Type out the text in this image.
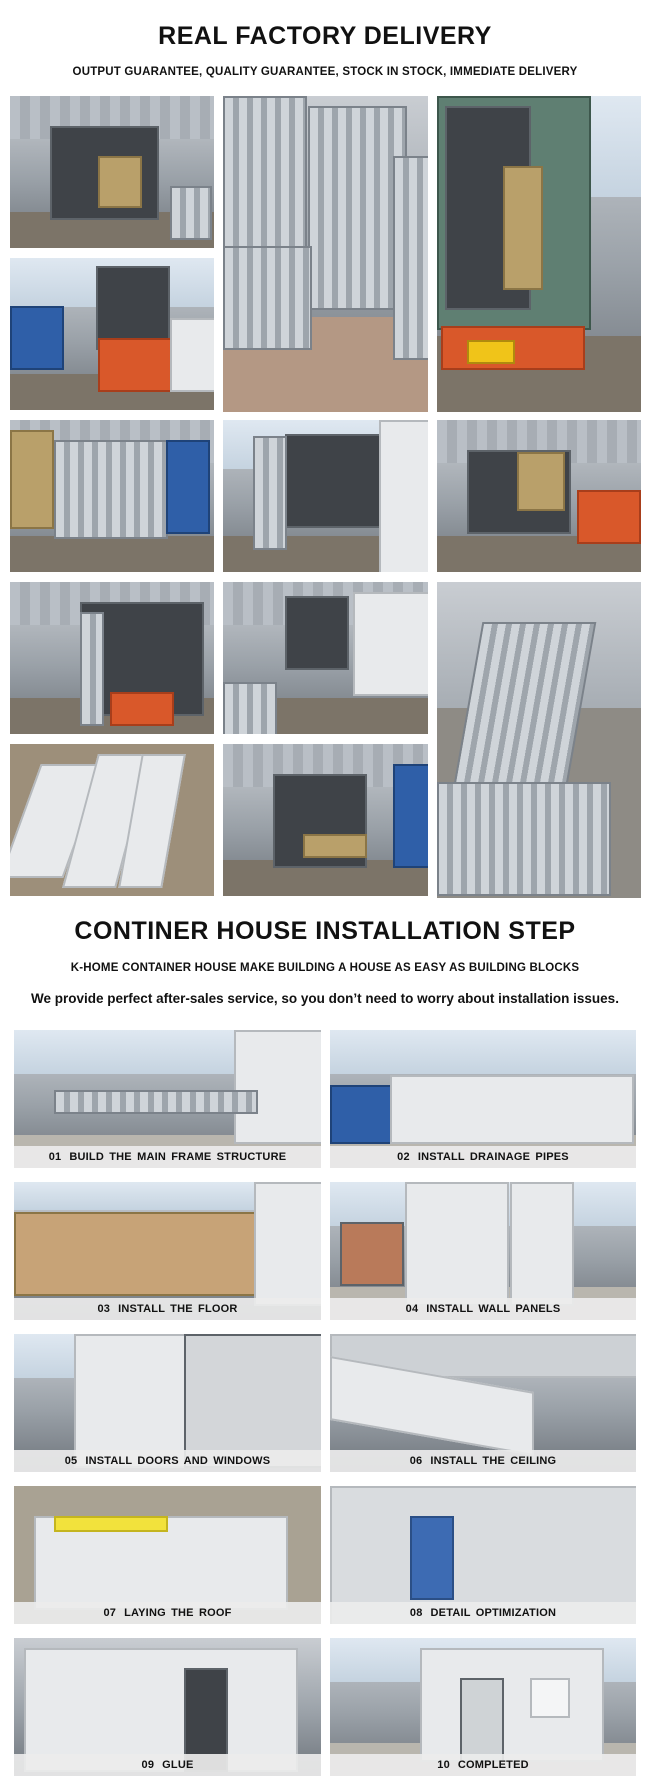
REAL FACTORY DELIVERY
OUTPUT GUARANTEE, QUALITY GUARANTEE, STOCK IN STOCK, IMMEDIATE DELIVERY
CONTINER HOUSE INSTALLATION STEP
K-HOME CONTAINER HOUSE MAKE BUILDING A HOUSE AS EASY AS BUILDING BLOCKS
We provide perfect after-sales service, so you don’t need to worry about installation issues.
01 BUILD THE MAIN FRAME STRUCTURE	02 INSTALL DRAINAGE PIPES
03 INSTALL THE FLOOR	04 INSTALL WALL PANELS
05 INSTALL DOORS AND WINDOWS	06 INSTALL THE CEILING
07 LAYING THE ROOF	08 DETAIL OPTIMIZATION
09 GLUE	10 COMPLETED
